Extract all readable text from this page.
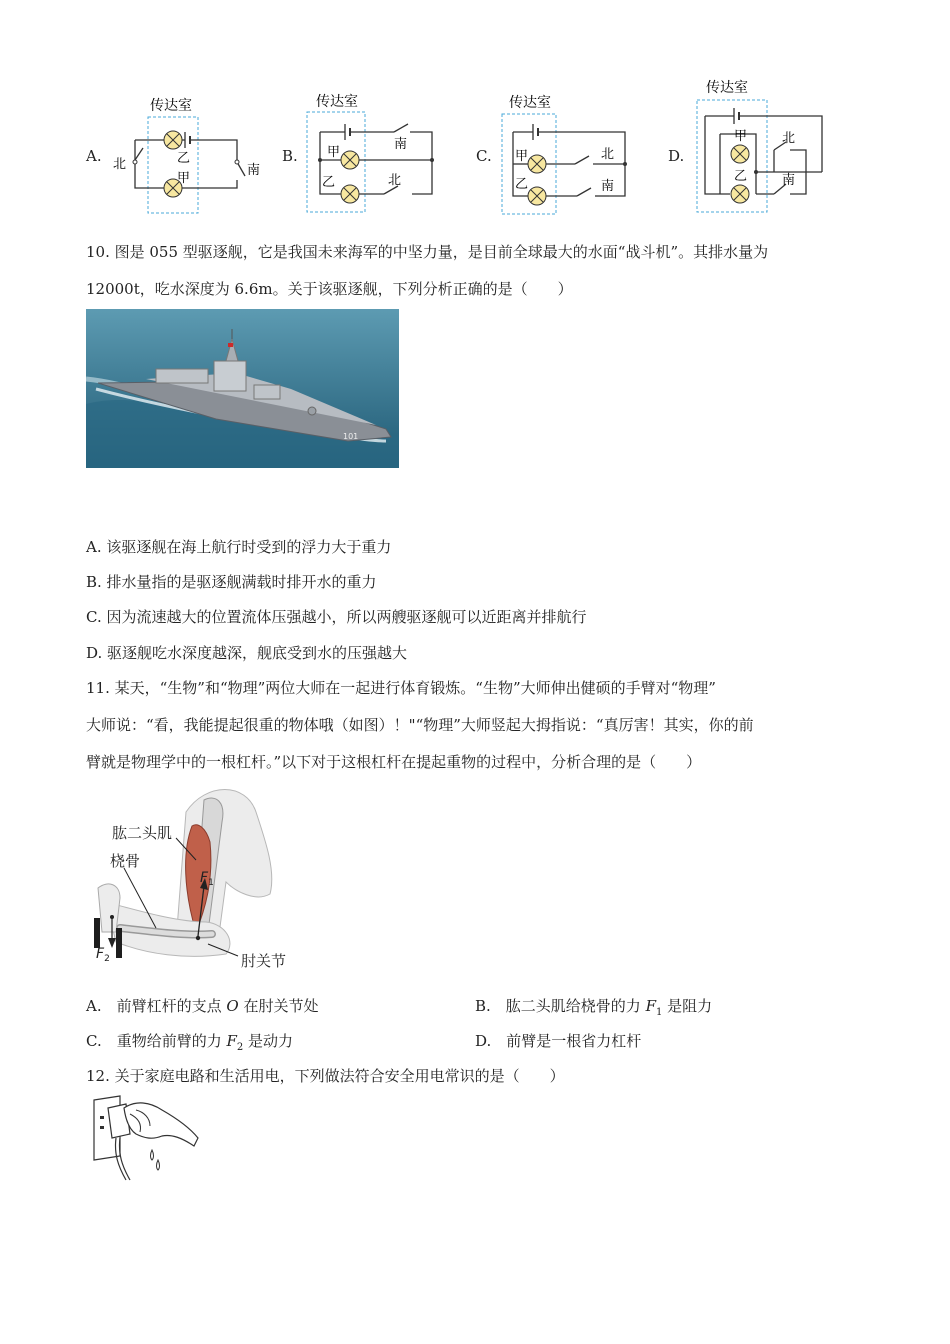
A.
传达室
乙
甲
北	南
B.
传达室
甲
乙
南
北
C.
传达室
甲
乙
北
南
D.
传达室
甲
乙
北
南
10. 图是 055 型驱逐舰，它是我国未来海军的中坚力量，是目前全球最大的水面“战斗机”。其排水量为
12000t，吃水深度为 6.6m。关于该驱逐舰，下列分析正确的是（　　）
101
A. 该驱逐舰在海上航行时受到的浮力大于重力
B. 排水量指的是驱逐舰满载时排开水的重力
C. 因为流速越大的位置流体压强越小，所以两艘驱逐舰可以近距离并排航行
D. 驱逐舰吃水深度越深，舰底受到水的压强越大
11. 某天，“生物”和“物理”两位大师在一起进行体育锻炼。“生物”大师伸出健硕的手臂对“物理”
大师说：“看，我能提起很重的物体哦（如图）！"“物理”大师竖起大拇指说：“真厉害！其实，你的前
臂就是物理学中的一根杠杆。”以下对于这根杠杆在提起重物的过程中，分析合理的是（　　）
肱二头肌
桡骨
肘关节
$F_1$
$F_2$
A.　前臂杠杆的支点 O 在肘关节处	B.　肱二头肌给桡骨的力 $F_1$ 是阻力
C.　重物给前臂的力 $F_2$ 是动力	D.　前臂是一根省力杠杆
12. 关于家庭电路和生活用电，下列做法符合安全用电常识的是（　　）
